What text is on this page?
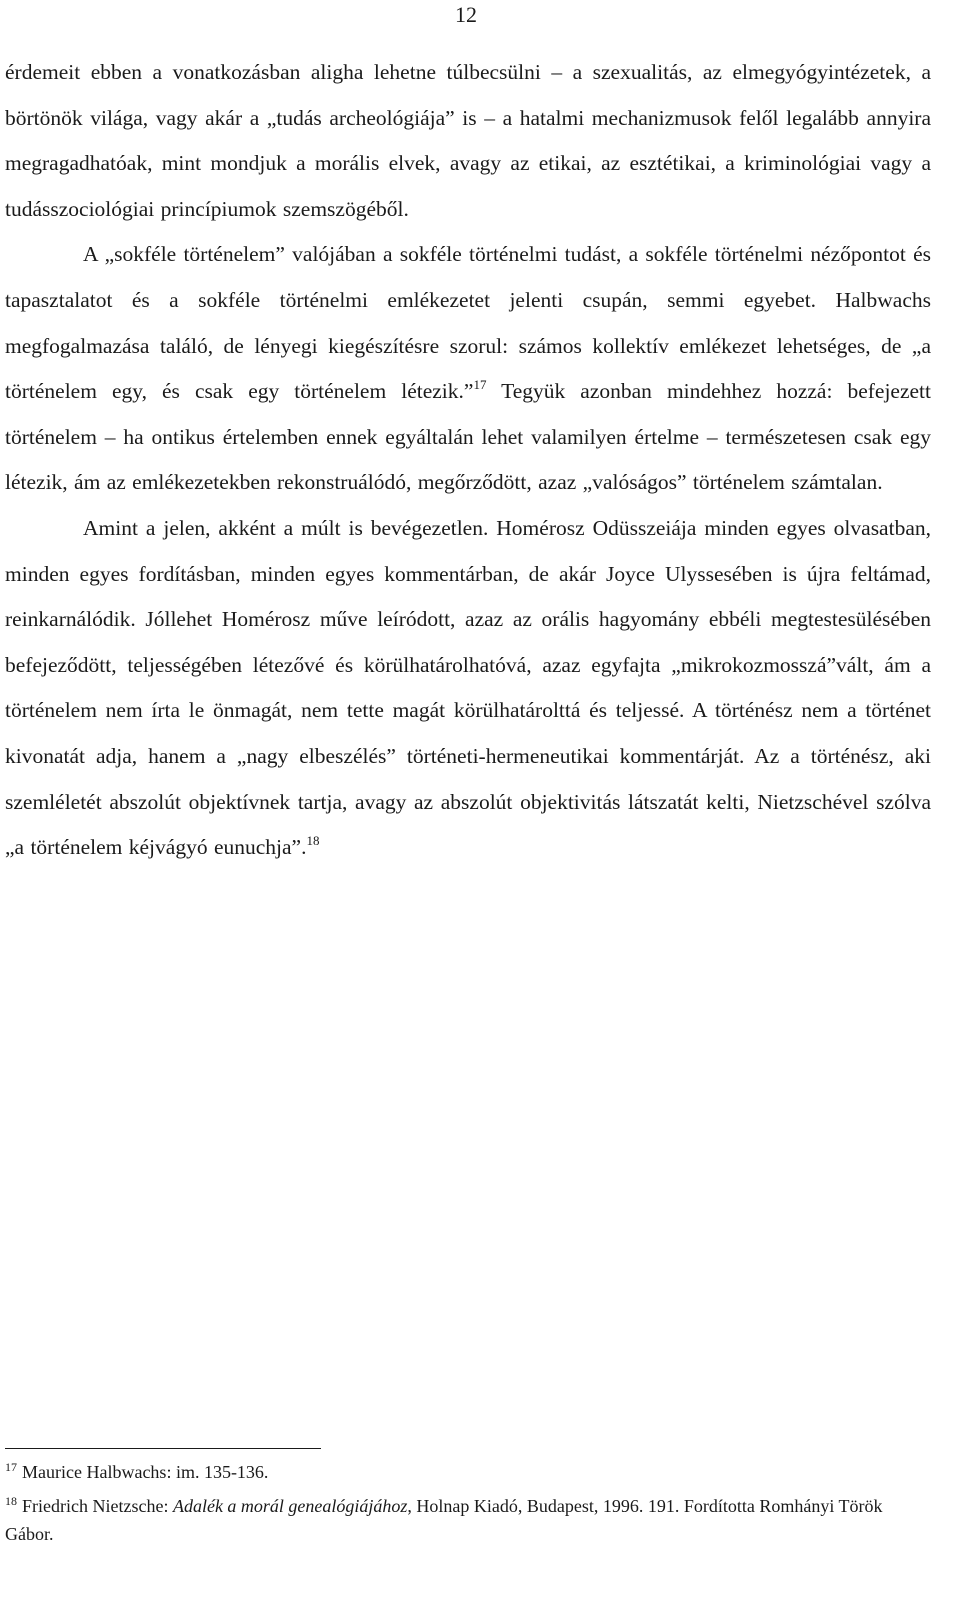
12

érdemeit ebben a vonatkozásban aligha lehetne túlbecsülni – a szexualitás, az elmegyógyintézetek, a börtönök világa, vagy akár a „tudás archeológiája” is – a hatalmi mechanizmusok felől legalább annyira megragadhatóak, mint mondjuk a morális elvek, avagy az etikai, az esztétikai, a kriminológiai vagy a tudásszociológiai princípiumok szemszögéből.

A „sokféle történelem” valójában a sokféle történelmi tudást, a sokféle történelmi nézőpontot és tapasztalatot és a sokféle történelmi emlékezetet jelenti csupán, semmi egyebet. Halbwachs megfogalmazása találó, de lényegi kiegészítésre szorul: számos kollektív emlékezet lehetséges, de „a történelem egy, és csak egy történelem létezik.”$^{17}$ Tegyük azonban mindehhez hozzá: befejezett történelem – ha ontikus értelemben ennek egyáltalán lehet valamilyen értelme – természetesen csak egy létezik, ám az emlékezetekben rekonstruálódó, megőrződött, azaz „valóságos” történelem számtalan.

Amint a jelen, akként a múlt is bevégezetlen. Homérosz Odüsszeiája minden egyes olvasatban, minden egyes fordításban, minden egyes kommentárban, de akár Joyce Ulyssesében is újra feltámad, reinkarnálódik. Jóllehet Homérosz műve leíródott, azaz az orális hagyomány ebbéli megtestesülésében befejeződött, teljességében létezővé és körülhatárolhatóvá, azaz egyfajta „mikrokozmosszá”vált, ám a történelem nem írta le önmagát, nem tette magát körülhatárolttá és teljessé. A történész nem a történet kivonatát adja, hanem a „nagy elbeszélés” történeti-hermeneutikai kommentárját. Az a történész, aki szemléletét abszolút objektívnek tartja, avagy az abszolút objektivitás látszatát kelti, Nietzschével szólva „a történelem kéjvágyó eunuchja”.$^{18}$

$^{17}$ Maurice Halbwachs: im. 135-136.

$^{18}$ Friedrich Nietzsche: Adalék a morál genealógiájához, Holnap Kiadó, Budapest, 1996. 191. Fordította Romhányi Török Gábor.
